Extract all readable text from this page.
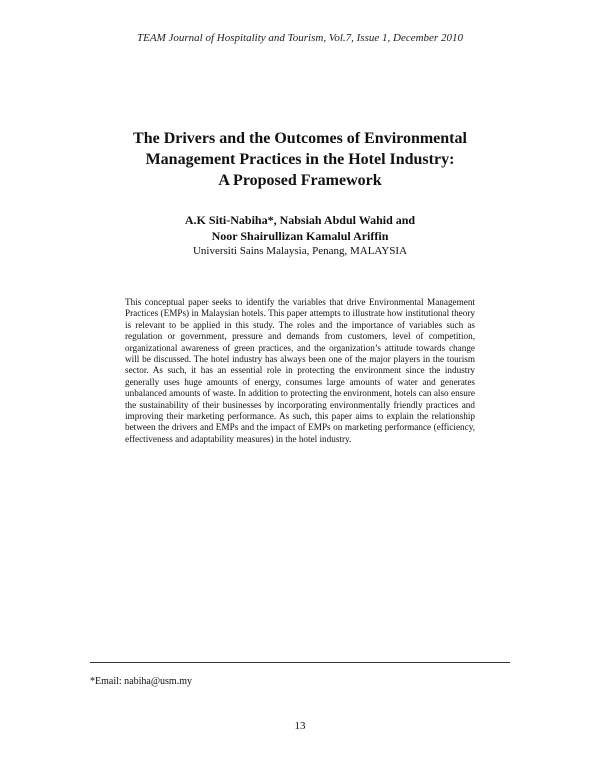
TEAM Journal of Hospitality and Tourism, Vol.7, Issue 1, December 2010
The Drivers and the Outcomes of Environmental
Management Practices in the Hotel Industry:
A Proposed Framework
A.K Siti-Nabiha*, Nabsiah Abdul Wahid and
Noor Shairullizan Kamalul Ariffin
Universiti Sains Malaysia, Penang, MALAYSIA

This conceptual paper seeks to identify the variables that drive Environmental Management Practices (EMPs) in Malaysian hotels. This paper attempts to illustrate how institutional theory is relevant to be applied in this study. The roles and the importance of variables such as regulation or government, pressure and demands from customers, level of competition, organizational awareness of green practices, and the organization’s attitude towards change will be discussed. The hotel industry has always been one of the major players in the tourism sector. As such, it has an essential role in protecting the environment since the industry generally uses huge amounts of energy, consumes large amounts of water and generates unbalanced amounts of waste. In addition to protecting the environment, hotels can also ensure the sustainability of their businesses by incorporating environmentally friendly practices and improving their marketing performance. As such, this paper aims to explain the relationship between the drivers and EMPs and the impact of EMPs on marketing performance (efficiency, effectiveness and adaptability measures) in the hotel industry.

*Email: nabiha@usm.my
13
